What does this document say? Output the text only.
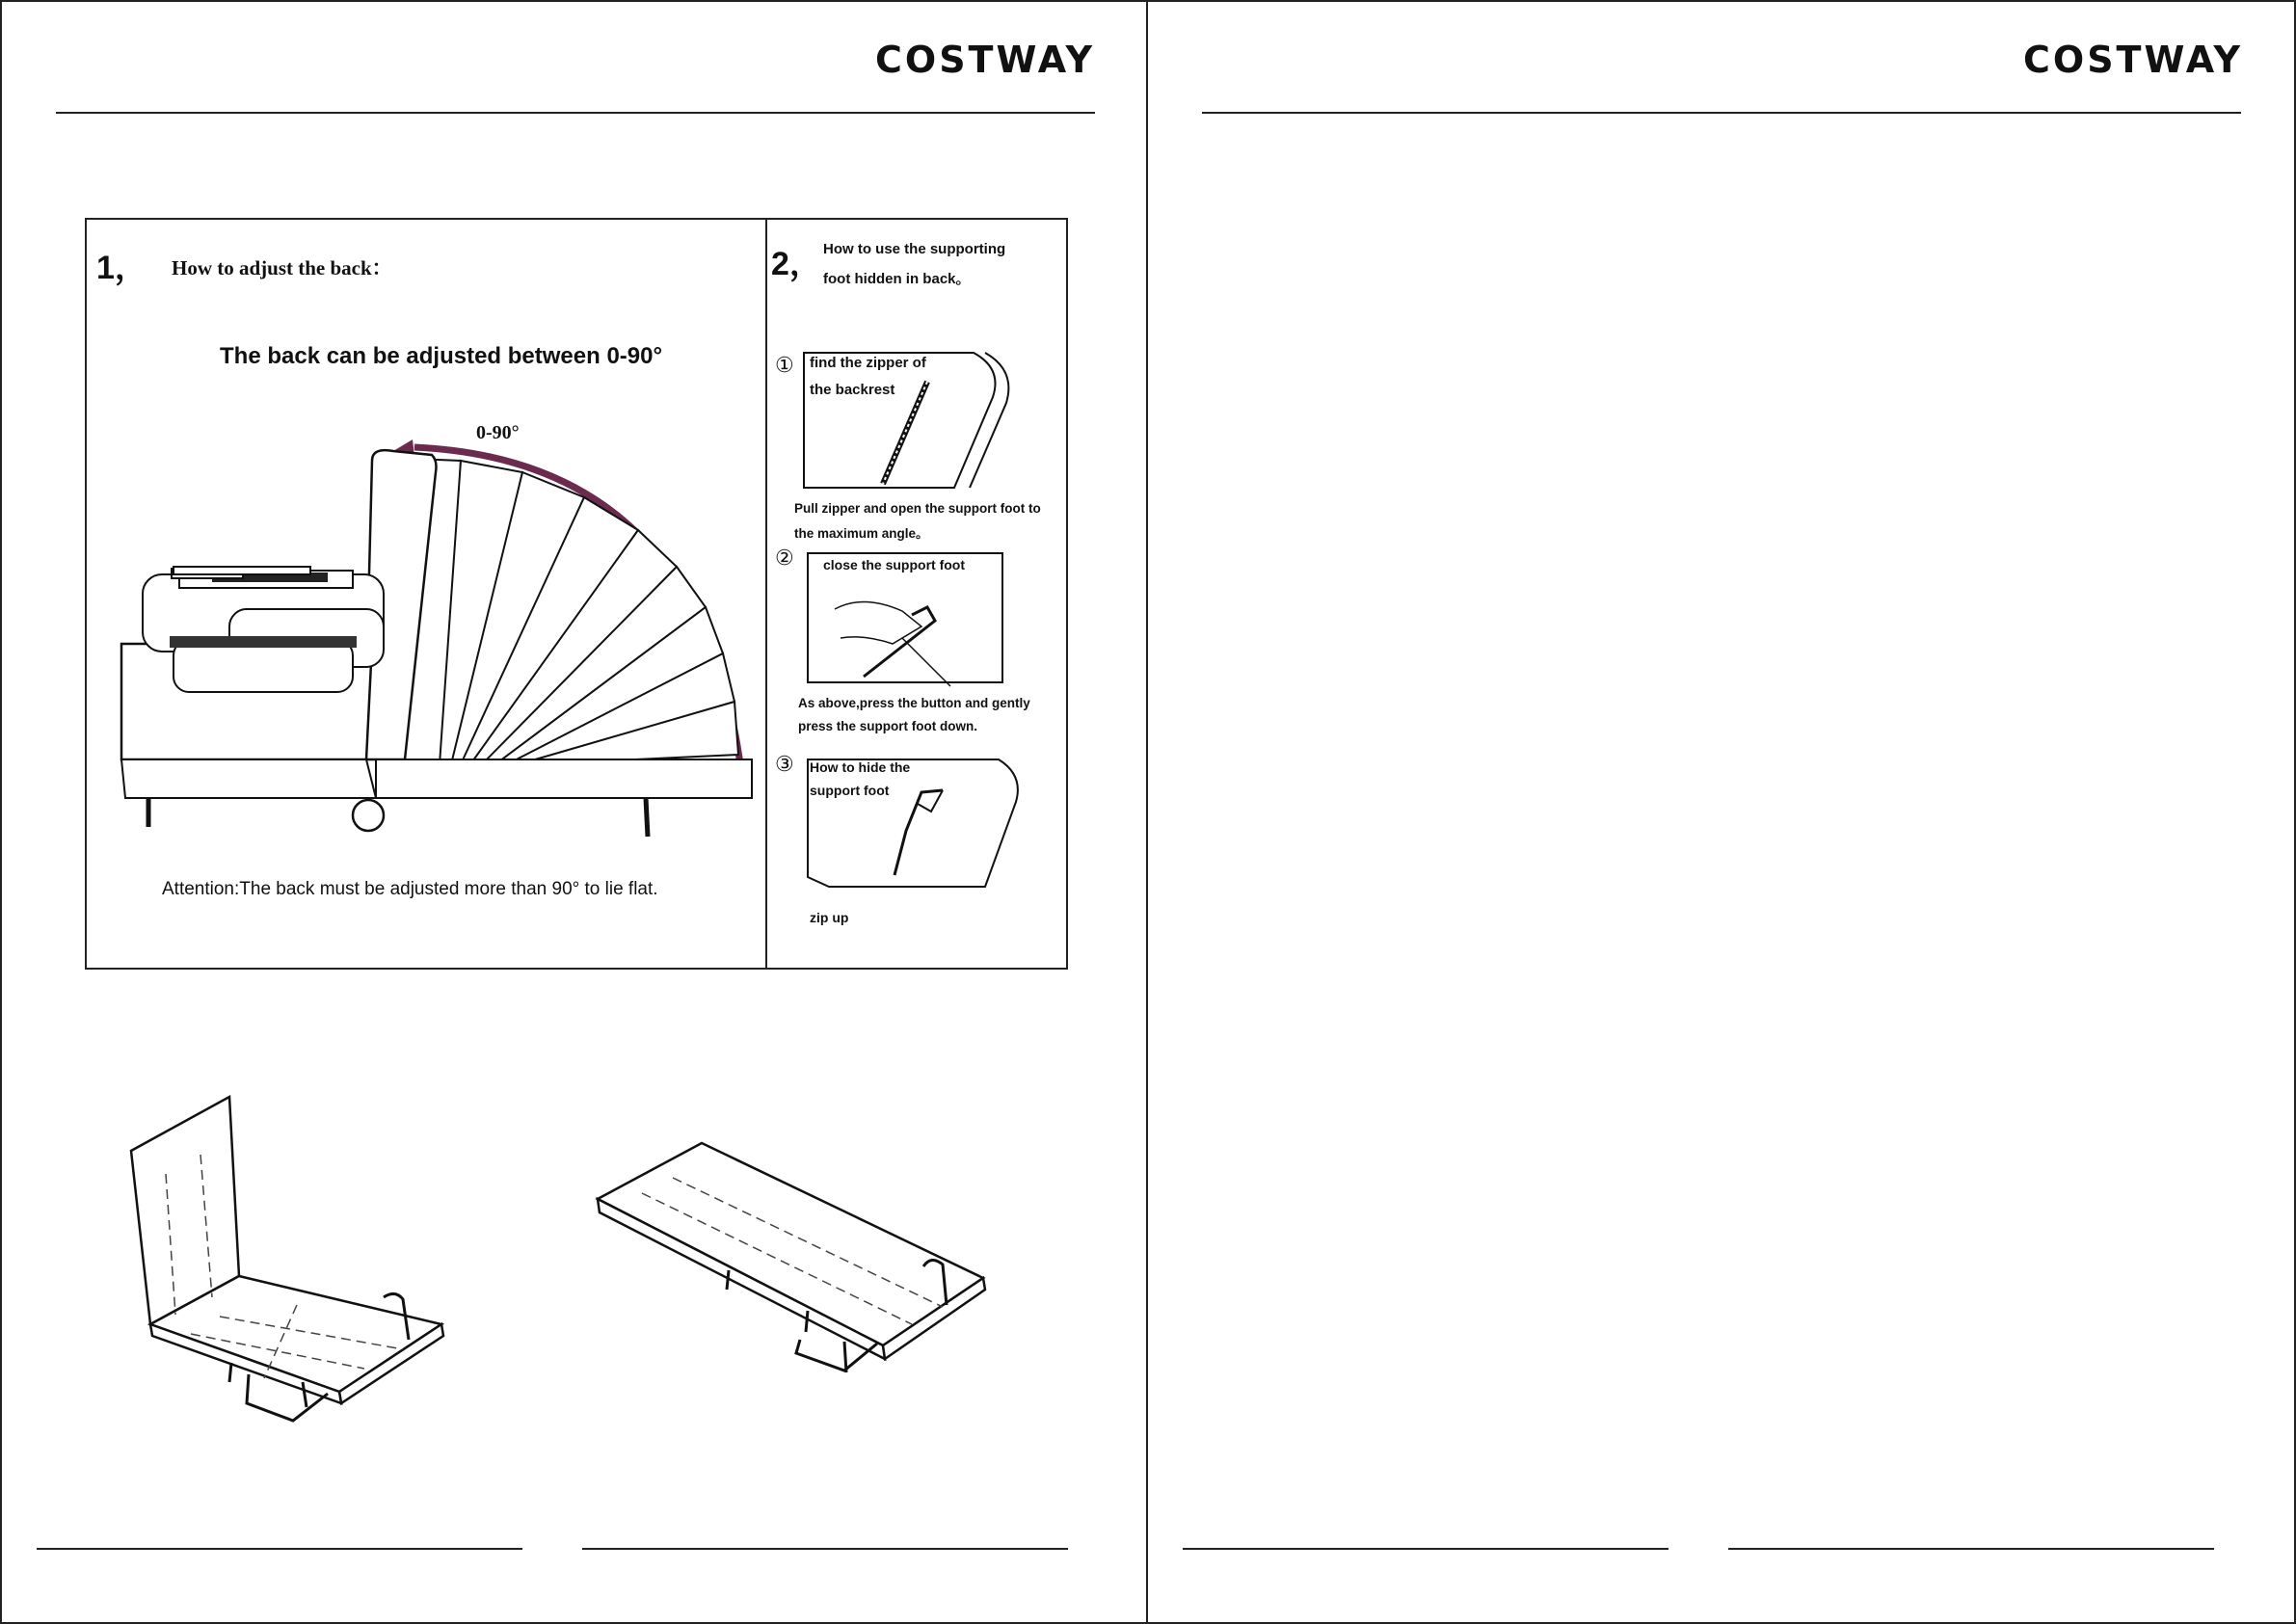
COSTWAY
1， How to adjust the back：
The back can be adjusted between 0-90°
0-90°
Attention:The back must be adjusted more than 90° to lie flat.
2， How to use the supporting
foot hidden in back。
① find the zipper of
the backrest
Pull zipper and open the support foot to
the maximum angle。
② close the support foot
As above,press the button and gently
press the support foot down.
③ How to hide the
support foot
zip up
COSTWAY
